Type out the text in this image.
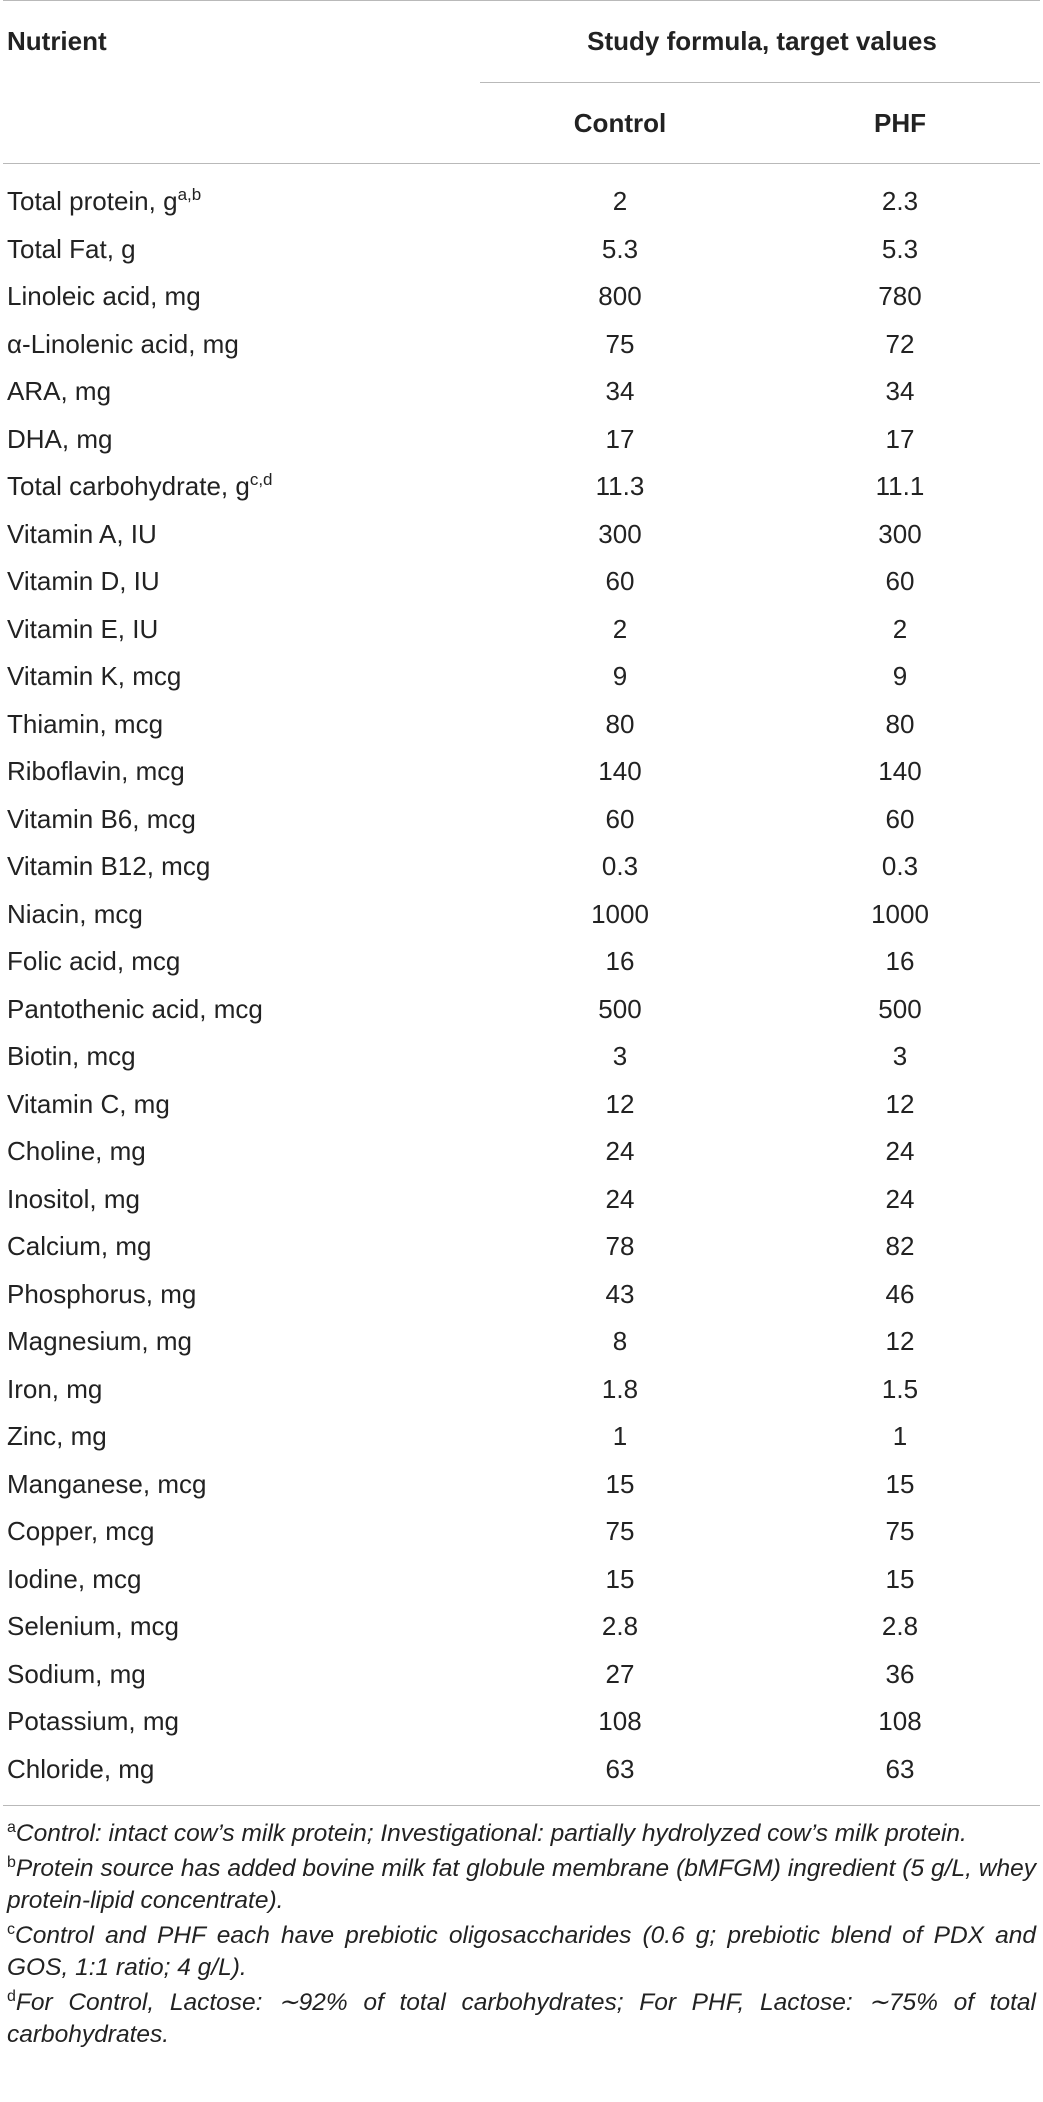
Nutrient	Study formula, target values
Control	PHF
Total protein, $g^{a,b}$	2	2.3
Total Fat, g	5.3	5.3
Linoleic acid, mg	800	780
α-Linolenic acid, mg	75	72
ARA, mg	34	34
DHA, mg	17	17
Total carbohydrate, $g^{c,d}$	11.3	11.1
Vitamin A, IU	300	300
Vitamin D, IU	60	60
Vitamin E, IU	2	2
Vitamin K, mcg	9	9
Thiamin, mcg	80	80
Riboflavin, mcg	140	140
Vitamin B6, mcg	60	60
Vitamin B12, mcg	0.3	0.3
Niacin, mcg	1000	1000
Folic acid, mcg	16	16
Pantothenic acid, mcg	500	500
Biotin, mcg	3	3
Vitamin C, mg	12	12
Choline, mg	24	24
Inositol, mg	24	24
Calcium, mg	78	82
Phosphorus, mg	43	46
Magnesium, mg	8	12
Iron, mg	1.8	1.5
Zinc, mg	1	1
Manganese, mcg	15	15
Copper, mcg	75	75
Iodine, mcg	15	15
Selenium, mcg	2.8	2.8
Sodium, mg	27	36
Potassium, mg	108	108
Chloride, mg	63	63
$^a$Control: intact cow’s milk protein; Investigational: partially hydrolyzed cow’s milk protein.
$^b$Protein source has added bovine milk fat globule membrane (bMFGM) ingredient (5 g/L, whey protein-lipid concentrate).
$^c$Control and PHF each have prebiotic oligosaccharides (0.6 g; prebiotic blend of PDX and GOS, 1:1 ratio; 4 g/L).
$^d$For Control, Lactose: ∼92% of total carbohydrates; For PHF, Lactose: ∼75% of total carbohydrates.
